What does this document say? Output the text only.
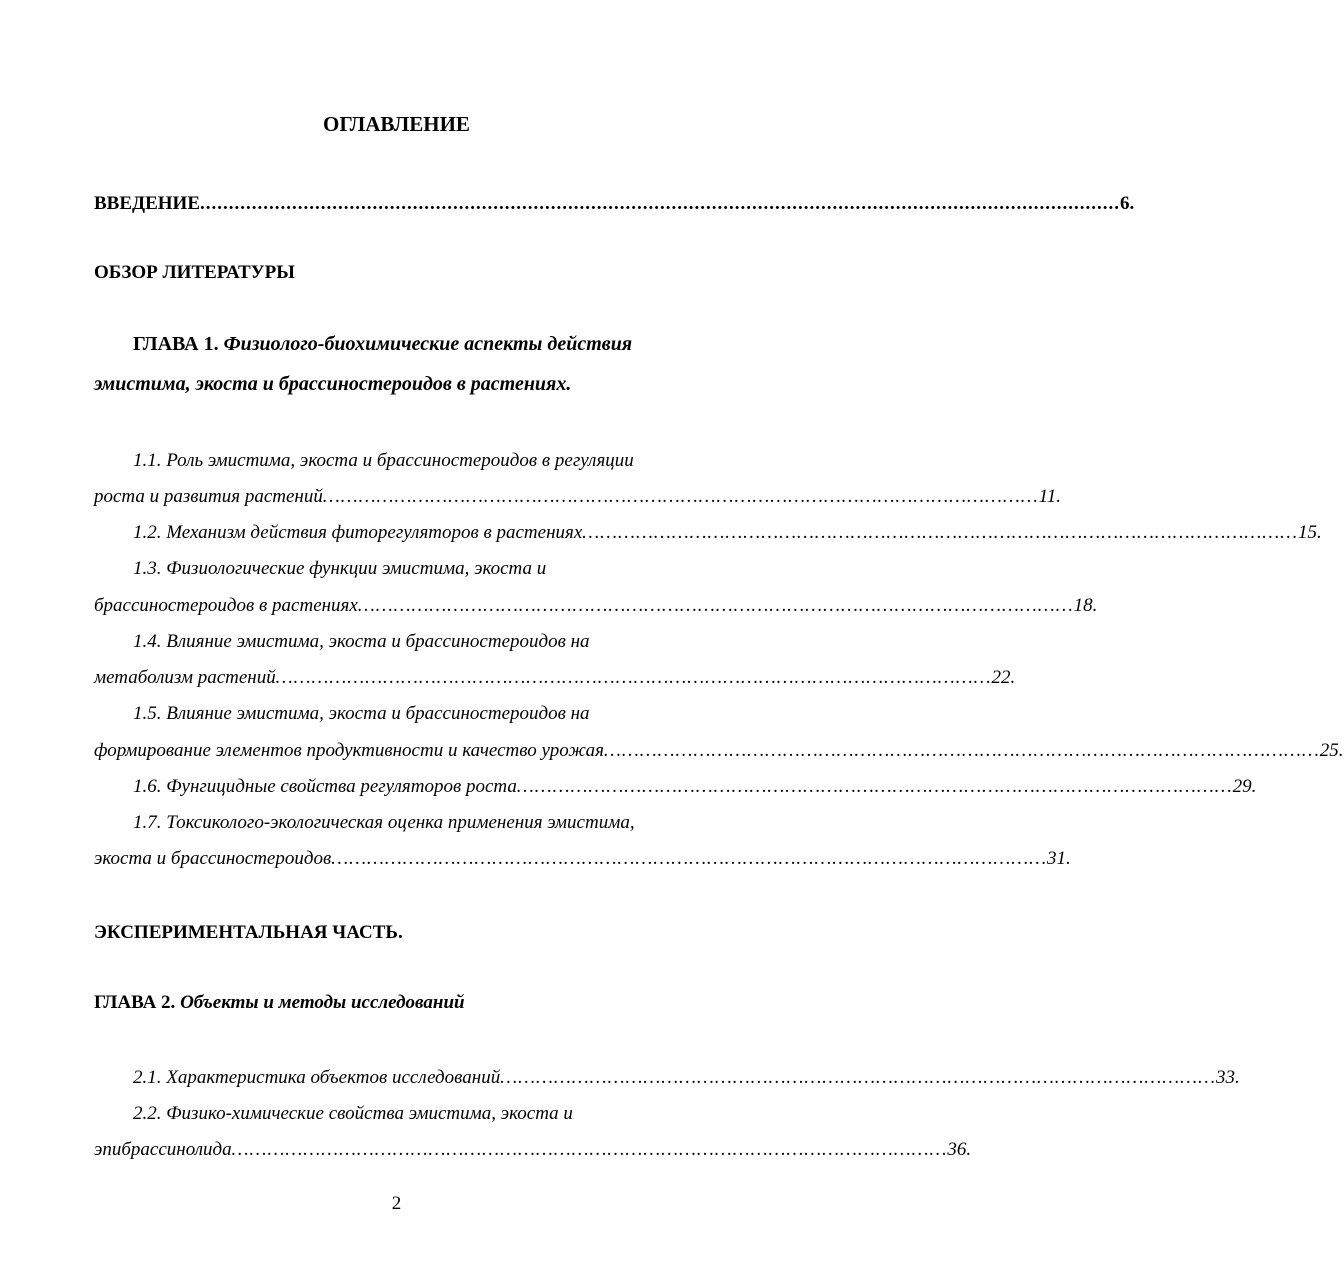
ОГЛАВЛЕНИЕ
ВВЕДЕНИЕ ................................................................................................................................................................ 6.
ОБЗОР ЛИТЕРАТУРЫ
ГЛАВА 1. Физиолого-биохимические аспекты действия
эмистима, экоста и брассиностероидов в растениях.
1.1. Роль эмистима, экоста и брассиностероидов в регуляции
роста и развития растений ………………………………………………………………………………………………………… 11.
1.2. Механизм действия фиторегуляторов в растениях ………………………………………………………………………………………………………… 15.
1.3. Физиологические функции эмистима, экоста и
брассиностероидов в растениях ………………………………………………………………………………………………………… 18.
1.4. Влияние эмистима, экоста и брассиностероидов на
метаболизм растений ………………………………………………………………………………………………………… 22.
1.5. Влияние эмистима, экоста и брассиностероидов на
формирование элементов продуктивности и качество урожая ………………………………………………………………………………………………………… 25.
1.6. Фунгицидные свойства регуляторов роста ………………………………………………………………………………………………………… 29.
1.7. Токсиколого-экологическая оценка применения эмистима,
экоста и брассиностероидов ………………………………………………………………………………………………………… 31.
ЭКСПЕРИМЕНТАЛЬНАЯ ЧАСТЬ.
ГЛАВА 2. Объекты и методы исследований
2.1. Характеристика объектов исследований ………………………………………………………………………………………………………… 33.
2.2. Физико-химические свойства эмистима, экоста и
эпибрассинолида ………………………………………………………………………………………………………… 36.
2
